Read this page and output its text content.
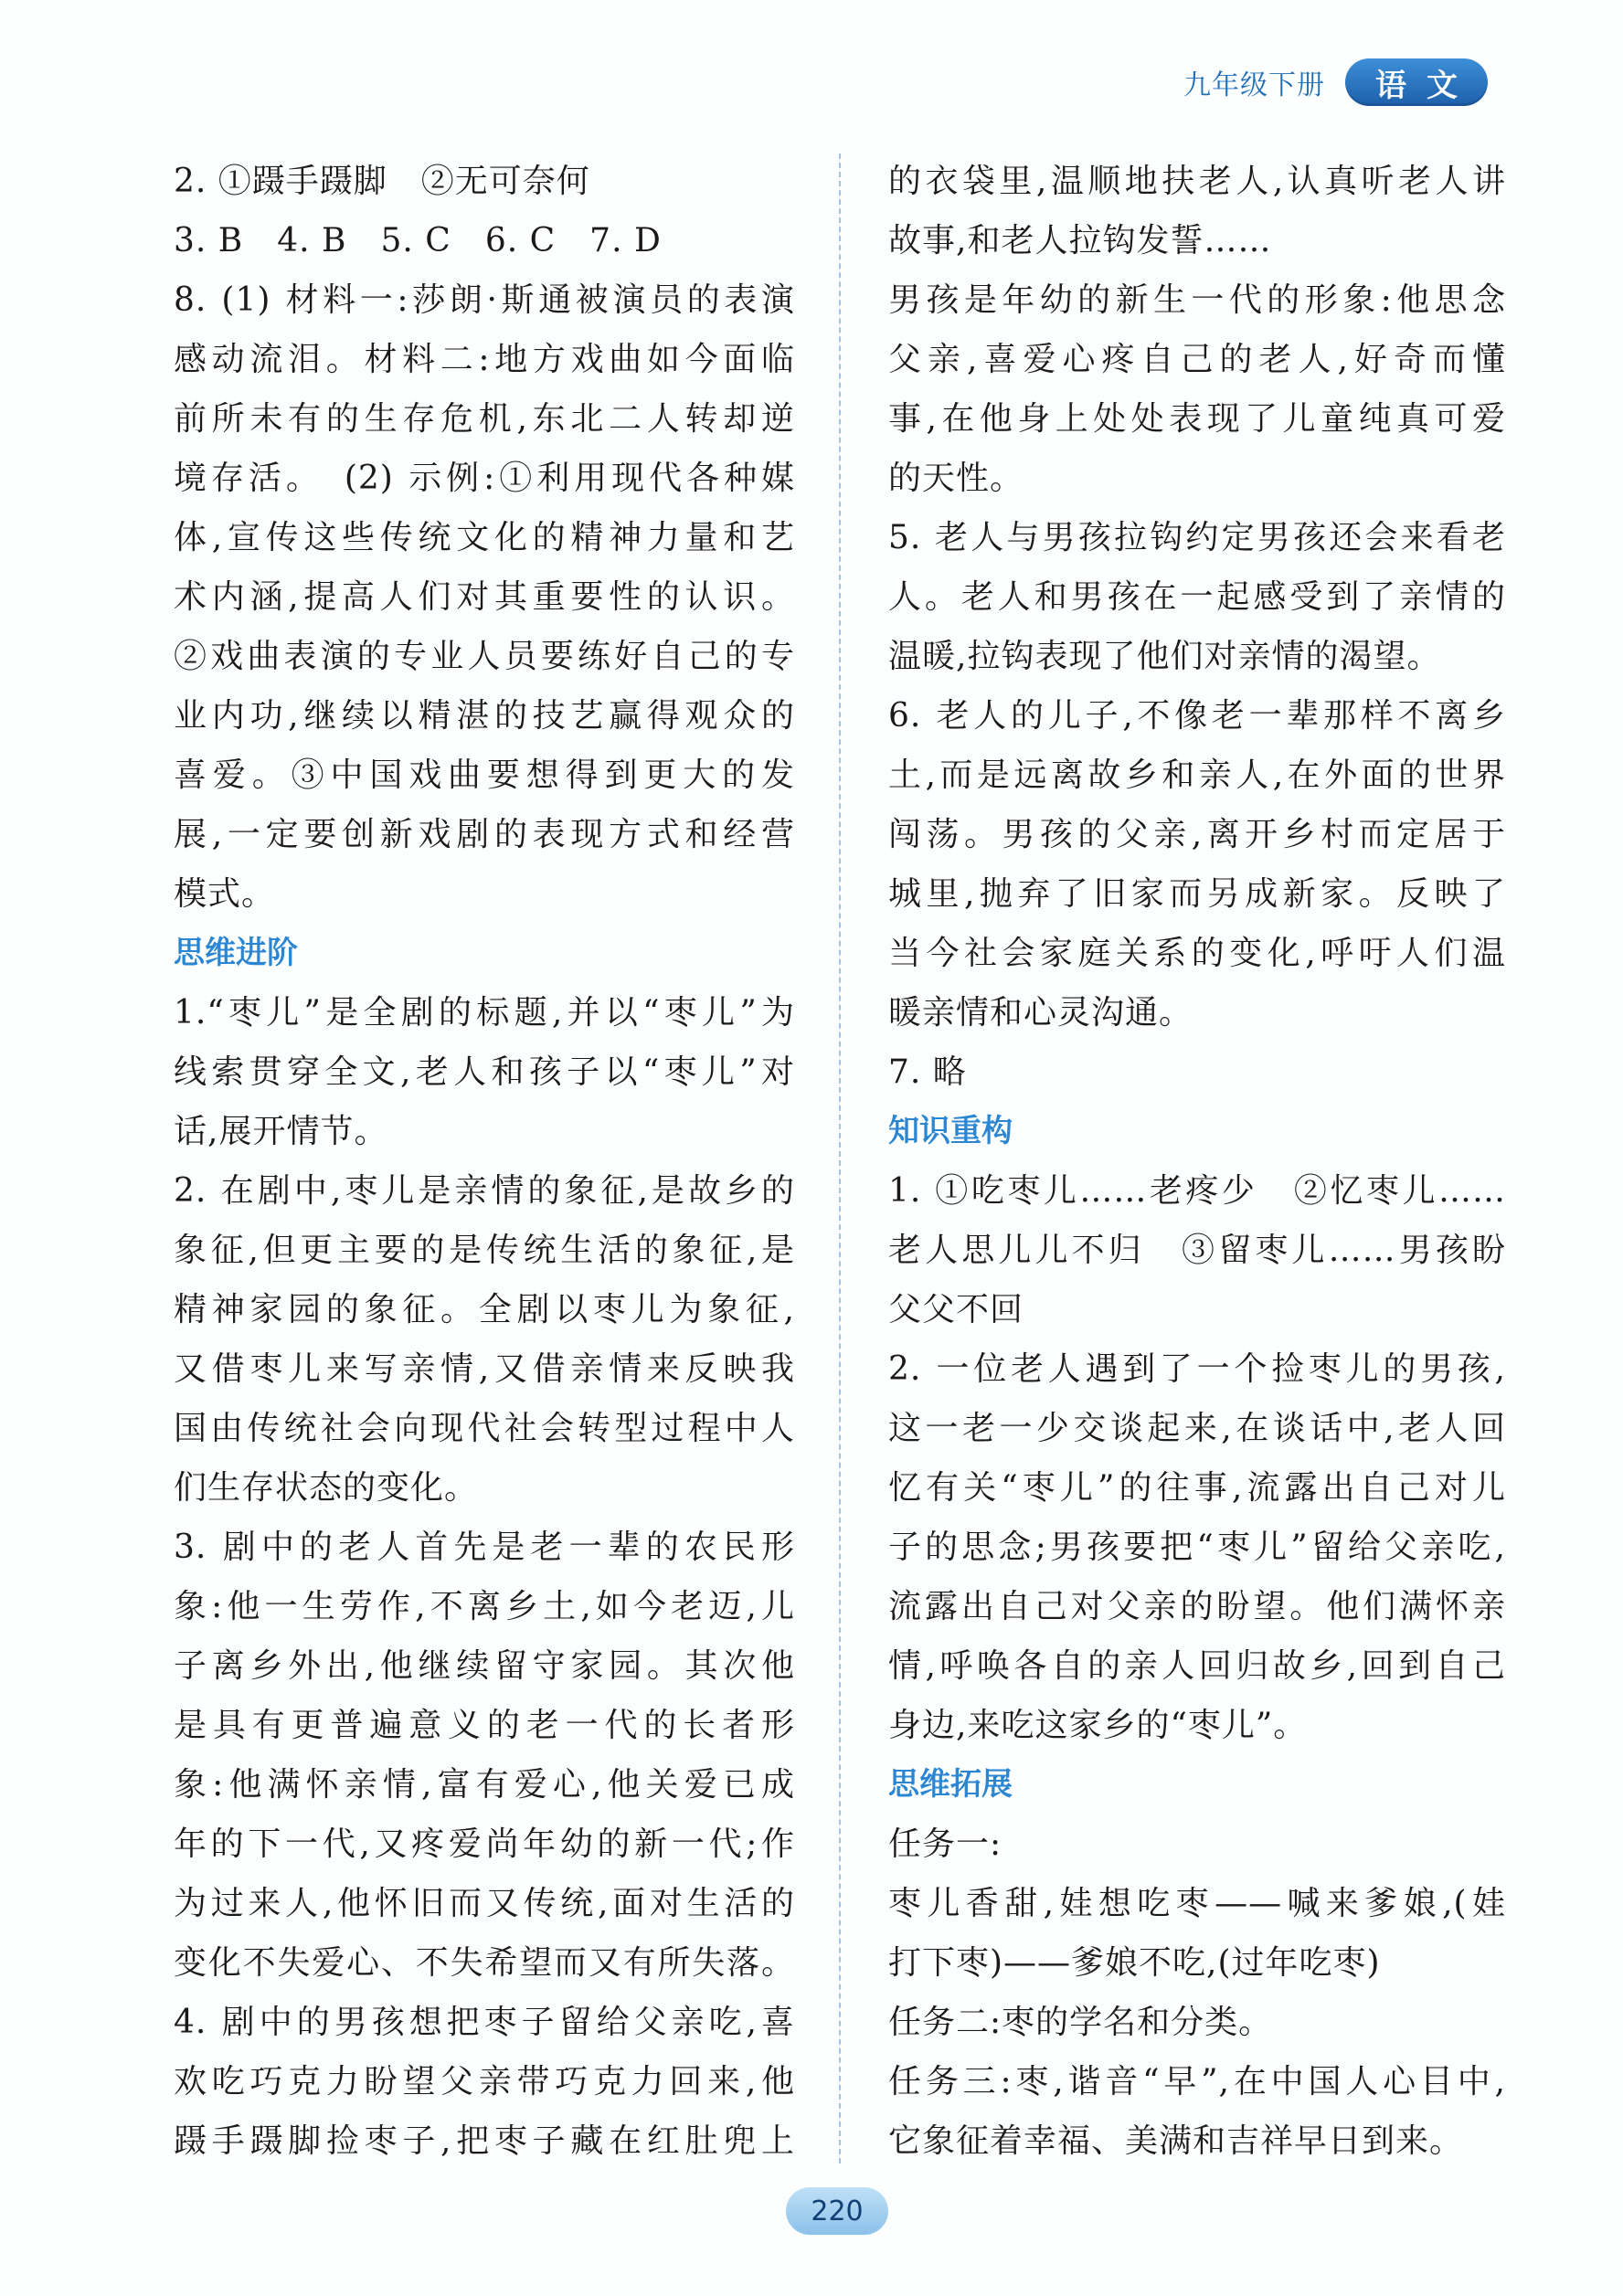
九年级下册	语文
2. ①蹑手蹑脚　②无可奈何
3. B　4. B　5. C　6. C　7. D
8. (1) 材料一:莎朗·斯通被演员的表演
感动流泪。材料二:地方戏曲如今面临
前所未有的生存危机,东北二人转却逆
境存活。　(2) 示例:①利用现代各种媒
体,宣传这些传统文化的精神力量和艺
术内涵,提高人们对其重要性的认识。
②戏曲表演的专业人员要练好自己的专
业内功,继续以精湛的技艺赢得观众的
喜爱。③中国戏曲要想得到更大的发
展,一定要创新戏剧的表现方式和经营
模式。
思维进阶
1.“枣儿”是全剧的标题,并以“枣儿”为
线索贯穿全文,老人和孩子以“枣儿”对
话,展开情节。
2. 在剧中,枣儿是亲情的象征,是故乡的
象征,但更主要的是传统生活的象征,是
精神家园的象征。全剧以枣儿为象征,
又借枣儿来写亲情,又借亲情来反映我
国由传统社会向现代社会转型过程中人
们生存状态的变化。
3. 剧中的老人首先是老一辈的农民形
象:他一生劳作,不离乡土,如今老迈,儿
子离乡外出,他继续留守家园。其次他
是具有更普遍意义的老一代的长者形
象:他满怀亲情,富有爱心,他关爱已成
年的下一代,又疼爱尚年幼的新一代;作
为过来人,他怀旧而又传统,面对生活的
变化不失爱心、不失希望而又有所失落。
4. 剧中的男孩想把枣子留给父亲吃,喜
欢吃巧克力盼望父亲带巧克力回来,他
蹑手蹑脚捡枣子,把枣子藏在红肚兜上
的衣袋里,温顺地扶老人,认真听老人讲
故事,和老人拉钩发誓……
男孩是年幼的新生一代的形象:他思念
父亲,喜爱心疼自己的老人,好奇而懂
事,在他身上处处表现了儿童纯真可爱
的天性。
5. 老人与男孩拉钩约定男孩还会来看老
人。老人和男孩在一起感受到了亲情的
温暖,拉钩表现了他们对亲情的渴望。
6. 老人的儿子,不像老一辈那样不离乡
土,而是远离故乡和亲人,在外面的世界
闯荡。男孩的父亲,离开乡村而定居于
城里,抛弃了旧家而另成新家。反映了
当今社会家庭关系的变化,呼吁人们温
暖亲情和心灵沟通。
7. 略
知识重构
1. ①吃枣儿……老疼少　②忆枣儿……
老人思儿儿不归　③留枣儿……男孩盼
父父不回
2. 一位老人遇到了一个捡枣儿的男孩,
这一老一少交谈起来,在谈话中,老人回
忆有关“枣儿”的往事,流露出自己对儿
子的思念;男孩要把“枣儿”留给父亲吃,
流露出自己对父亲的盼望。他们满怀亲
情,呼唤各自的亲人回归故乡,回到自己
身边,来吃这家乡的“枣儿”。
思维拓展
任务一:
枣儿香甜,娃想吃枣——喊来爹娘,(娃
打下枣)——爹娘不吃,(过年吃枣)
任务二:枣的学名和分类。
任务三:枣,谐音“早”,在中国人心目中,
它象征着幸福、美满和吉祥早日到来。
220
